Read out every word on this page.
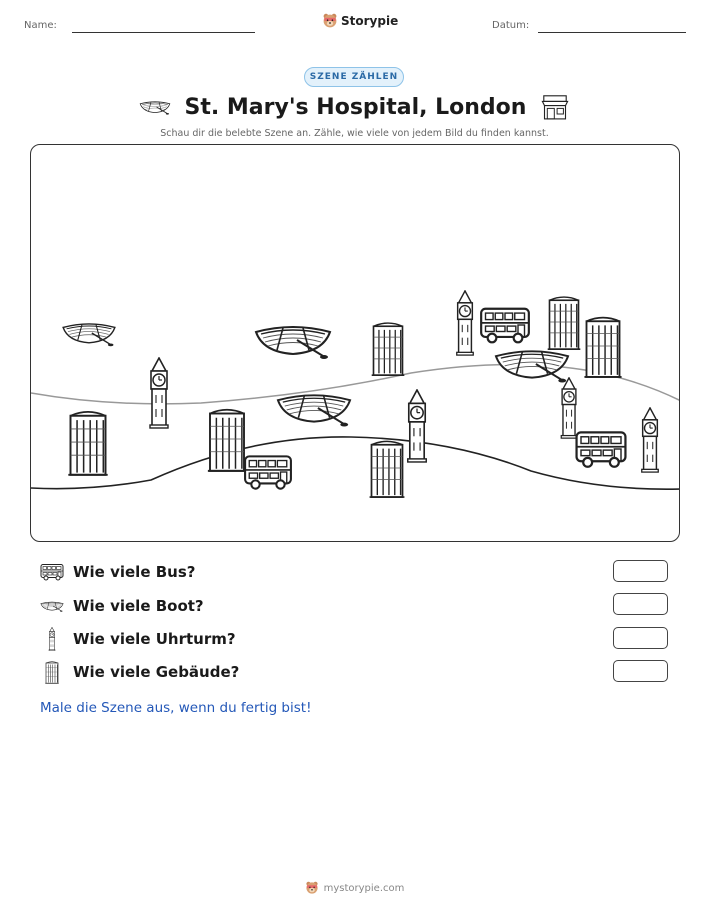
Name:	Storypie	Datum:
SZENE ZÄHLEN
St. Mary's Hospital, London
Schau dir die belebte Szene an. Zähle, wie viele von jedem Bild du finden kannst.
Wie viele Bus?
Wie viele Boot?
Wie viele Uhrturm?
Wie viele Gebäude?
Male die Szene aus, wenn du fertig bist!
mystorypie.com
